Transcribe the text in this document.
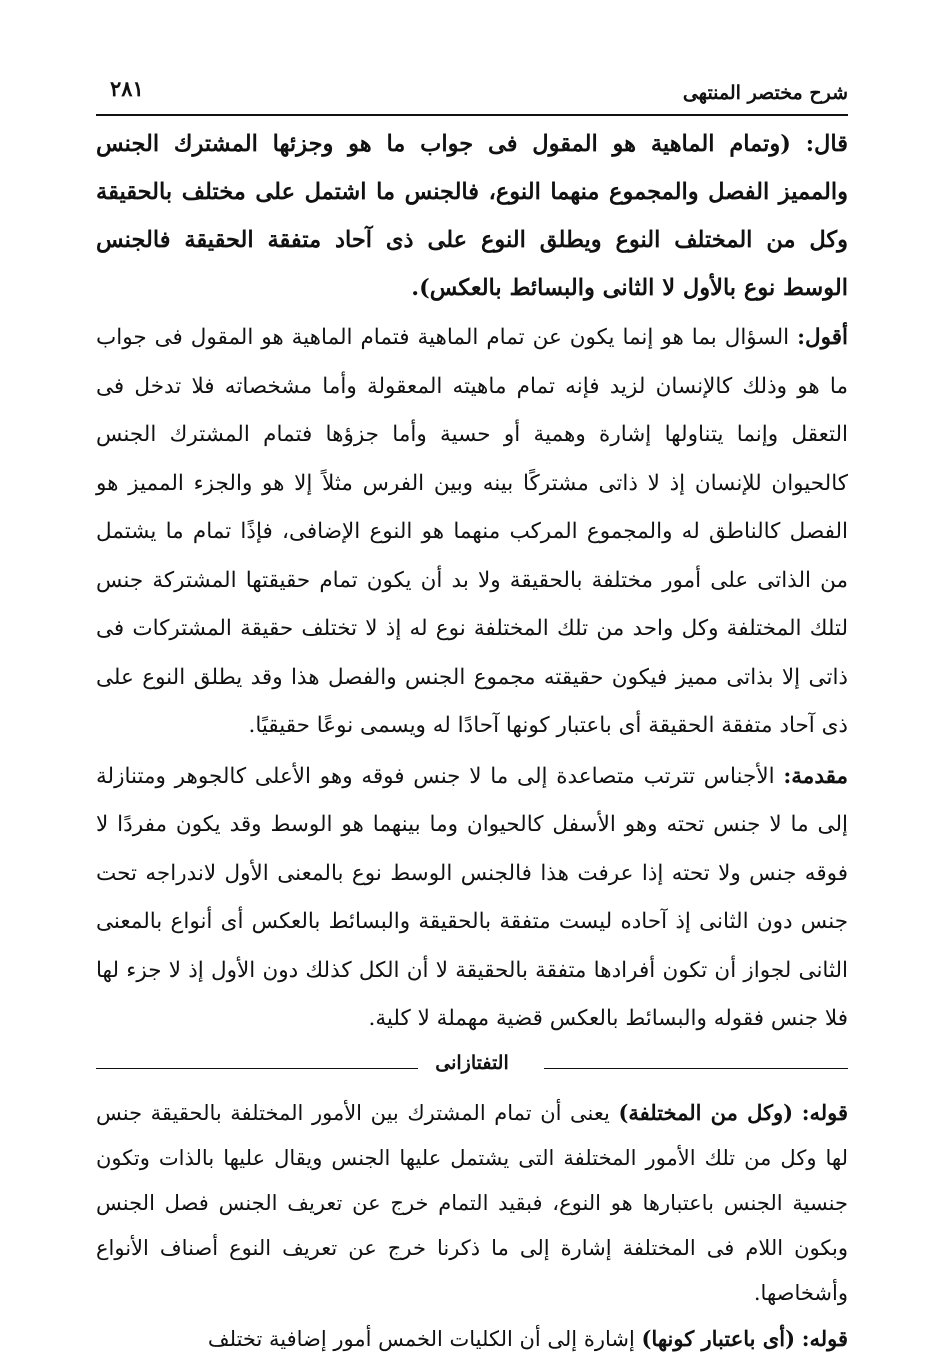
شرح مختصر المنتهى
٢٨١
قال: (وتمام الماهية هو المقول فى جواب ما هو وجزئها المشترك الجنس والمميز الفصل والمجموع منهما النوع، فالجنس ما اشتمل على مختلف بالحقيقة وكل من المختلف النوع ويطلق النوع على ذى آحاد متفقة الحقيقة فالجنس الوسط نوع بالأول لا الثانى والبسائط بالعكس).
أقول: السؤال بما هو إنما يكون عن تمام الماهية فتمام الماهية هو المقول فى جواب ما هو وذلك كالإنسان لزيد فإنه تمام ماهيته المعقولة وأما مشخصاته فلا تدخل فى التعقل وإنما يتناولها إشارة وهمية أو حسية وأما جزؤها فتمام المشترك الجنس كالحيوان للإنسان إذ لا ذاتى مشتركًا بينه وبين الفرس مثلاً إلا هو والجزء المميز هو الفصل كالناطق له والمجموع المركب منهما هو النوع الإضافى، فإذًا تمام ما يشتمل من الذاتى على أمور مختلفة بالحقيقة ولا بد أن يكون تمام حقيقتها المشتركة جنس لتلك المختلفة وكل واحد من تلك المختلفة نوع له إذ لا تختلف حقيقة المشتركات فى ذاتى إلا بذاتى مميز فيكون حقيقته مجموع الجنس والفصل هذا وقد يطلق النوع على ذى آحاد متفقة الحقيقة أى باعتبار كونها آحادًا له ويسمى نوعًا حقيقيًا.
مقدمة: الأجناس تترتب متصاعدة إلى ما لا جنس فوقه وهو الأعلى كالجوهر ومتنازلة إلى ما لا جنس تحته وهو الأسفل كالحيوان وما بينهما هو الوسط وقد يكون مفردًا لا فوقه جنس ولا تحته إذا عرفت هذا فالجنس الوسط نوع بالمعنى الأول لاندراجه تحت جنس دون الثانى إذ آحاده ليست متفقة بالحقيقة والبسائط بالعكس أى أنواع بالمعنى الثانى لجواز أن تكون أفرادها متفقة بالحقيقة لا أن الكل كذلك دون الأول إذ لا جزء لها فلا جنس فقوله والبسائط بالعكس قضية مهملة لا كلية.
التفتازانى

قوله: (وكل من المختلفة) يعنى أن تمام المشترك بين الأمور المختلفة بالحقيقة جنس لها وكل من تلك الأمور المختلفة التى يشتمل عليها الجنس ويقال عليها بالذات وتكون جنسية الجنس باعتبارها هو النوع، فبقيد التمام خرج عن تعريف الجنس فصل الجنس وبكون اللام فى المختلفة إشارة إلى ما ذكرنا خرج عن تعريف النوع أصناف الأنواع وأشخاصها.

قوله: (أى باعتبار كونها) إشارة إلى أن الكليات الخمس أمور إضافية تختلف
